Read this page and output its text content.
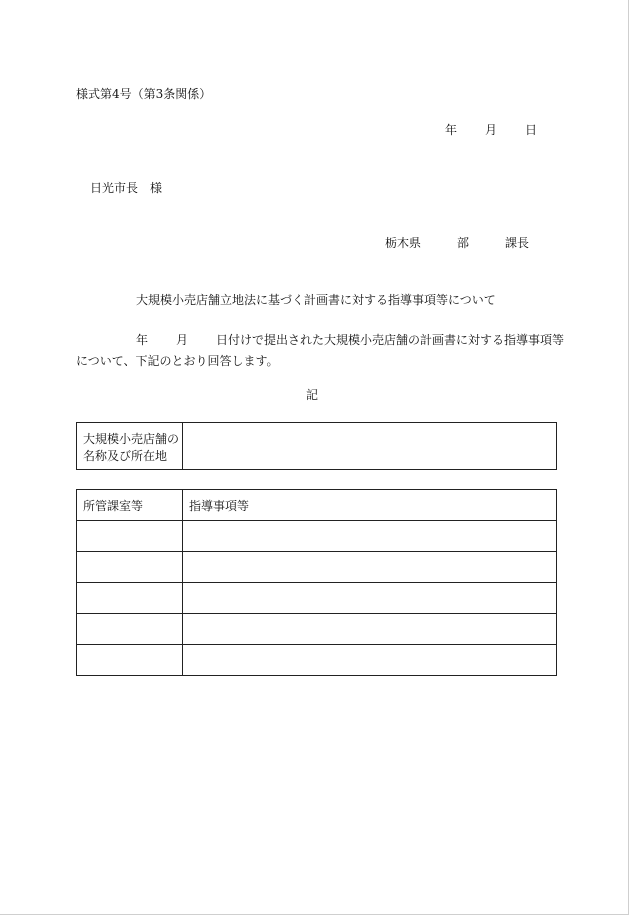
様式第4号（第3条関係）
年 月 日
日光市長　様
栃木県	部	課長
大規模小売店舗立地法に基づく計画書に対する指導事項等について
年 月 日付けで提出された大規模小売店舗の計画書に対する指導事項等
について、下記のとおり回答します。
記
大規模小売店舗の
名称及び所在地
所管課室等	指導事項等
